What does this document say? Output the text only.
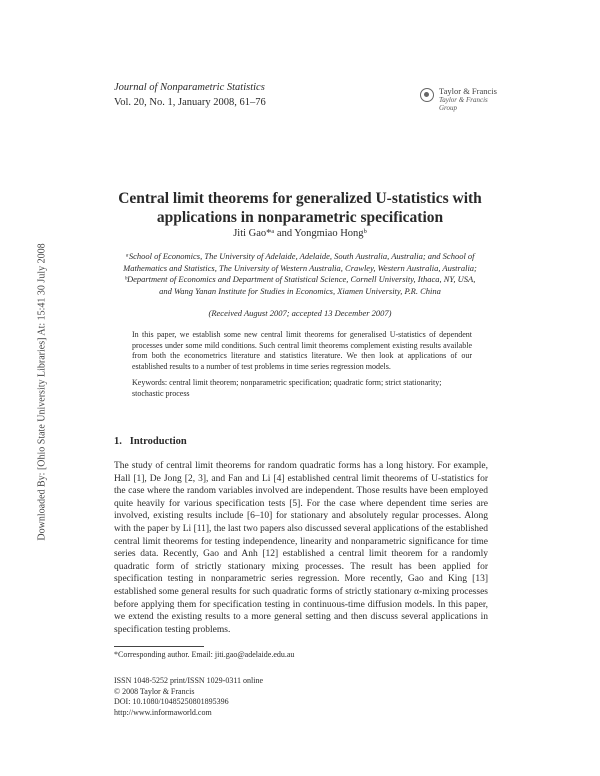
Downloaded By: [Ohio State University Libraries] At: 15:41 30 July 2008
Journal of Nonparametric Statistics
Vol. 20, No. 1, January 2008, 61–76
Taylor & Francis
Taylor & Francis Group
Central limit theorems for generalized U-statistics with
applications in nonparametric specification
Jiti Gao*ᵃ and Yongmiao Hongᵇ
ᵃSchool of Economics, The University of Adelaide, Adelaide, South Australia, Australia; and School of Mathematics and Statistics, The University of Western Australia, Crawley, Western Australia, Australia; ᵇDepartment of Economics and Department of Statistical Science, Cornell University, Ithaca, NY, USA, and Wang Yanan Institute for Studies in Economics, Xiamen University, P.R. China
(Received August 2007; accepted 13 December 2007)
In this paper, we establish some new central limit theorems for generalised U-statistics of dependent processes under some mild conditions. Such central limit theorems complement existing results available from both the econometrics literature and statistics literature. We then look at applications of our established results to a number of test problems in time series regression models.
Keywords: central limit theorem; nonparametric specification; quadratic form; strict stationarity; stochastic process
1. Introduction
The study of central limit theorems for random quadratic forms has a long history. For example, Hall [1], De Jong [2, 3], and Fan and Li [4] established central limit theorems of U-statistics for the case where the random variables involved are independent. Those results have been employed quite heavily for various specification tests [5]. For the case where dependent time series are involved, existing results include [6–10] for stationary and absolutely regular processes. Along with the paper by Li [11], the last two papers also discussed several applications of the established central limit theorems for testing independence, linearity and nonparametric significance for time series data. Recently, Gao and Anh [12] established a central limit theorem for a randomly quadratic form of strictly stationary mixing processes. The result has been applied for specification testing in nonparametric series regression. More recently, Gao and King [13] established some general results for such quadratic forms of strictly stationary α-mixing processes before applying them for specification testing in continuous-time diffusion models. In this paper, we extend the existing results to a more general setting and then discuss several applications in specification testing problems.
*Corresponding author. Email: jiti.gao@adelaide.edu.au
ISSN 1048-5252 print/ISSN 1029-0311 online
© 2008 Taylor & Francis
DOI: 10.1080/10485250801895396
http://www.informaworld.com
